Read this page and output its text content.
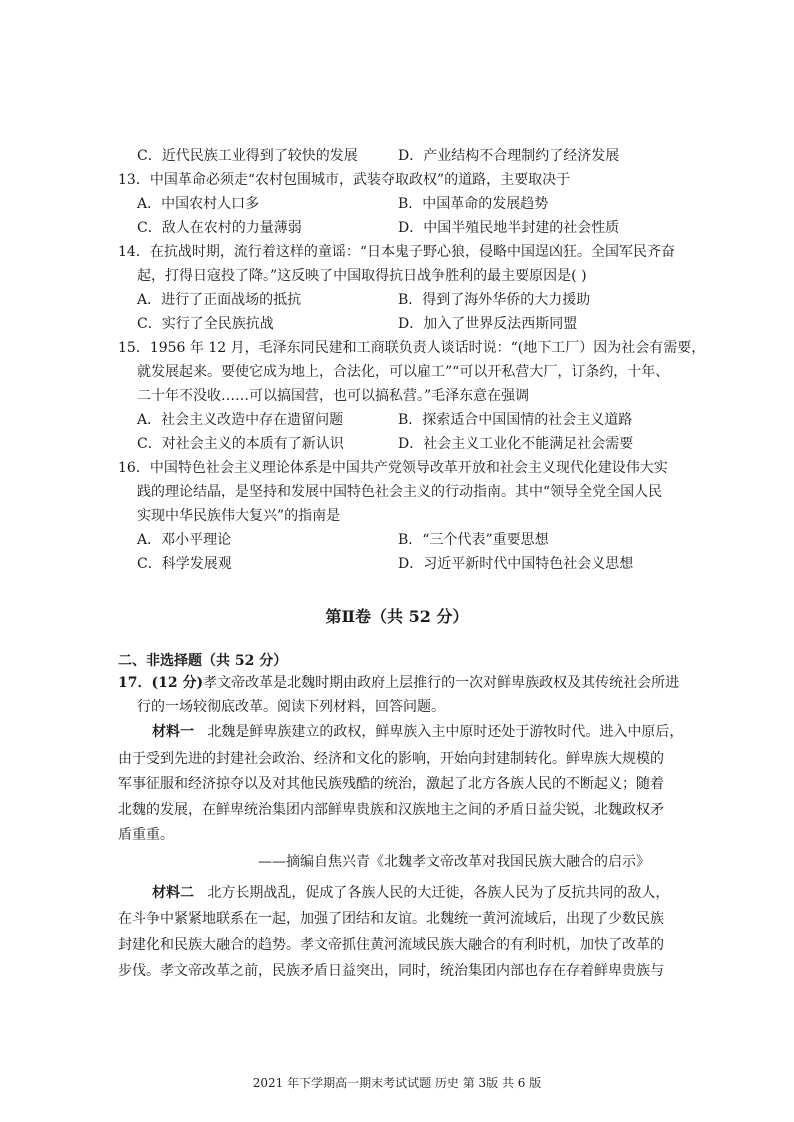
C．近代民族工业得到了较快的发展	D．产业结构不合理制约了经济发展
13．中国革命必须走“农村包围城市，武装夺取政权”的道路，主要取决于
A．中国农村人口多	B．中国革命的发展趋势
C．敌人在农村的力量薄弱	D．中国半殖民地半封建的社会性质
14．在抗战时期，流行着这样的童谣：“日本鬼子野心狼，侵略中国逞凶狂。全国军民齐奋
起，打得日寇投了降。”这反映了中国取得抗日战争胜利的最主要原因是( )
A．进行了正面战场的抵抗	B．得到了海外华侨的大力援助
C．实行了全民族抗战	D．加入了世界反法西斯同盟
15．1956 年 12 月，毛泽东同民建和工商联负责人谈话时说：“(地下工厂）因为社会有需要，
就发展起来。要使它成为地上，合法化，可以雇工”“可以开私营大厂，订条约，十年、
二十年不没收……可以搞国营，也可以搞私营。”毛泽东意在强调
A．社会主义改造中存在遗留问题	B．探索适合中国国情的社会主义道路
C．对社会主义的本质有了新认识	D．社会主义工业化不能满足社会需要
16．中国特色社会主义理论体系是中国共产党领导改革开放和社会主义现代化建设伟大实
践的理论结晶，是坚持和发展中国特色社会主义的行动指南。其中“领导全党全国人民
实现中华民族伟大复兴”的指南是
A．邓小平理论	B．“三个代表”重要思想
C．科学发展观	D．习近平新时代中国特色社会义思想
第Ⅱ卷（共 52 分）
二、非选择题（共 52 分）
17．(12 分)孝文帝改革是北魏时期由政府上层推行的一次对鲜卑族政权及其传统社会所进
行的一场较彻底改革。阅读下列材料，回答问题。
材料一 北魏是鲜卑族建立的政权，鲜卑族入主中原时还处于游牧时代。进入中原后，
由于受到先进的封建社会政治、经济和文化的影响，开始向封建制转化。鲜卑族大规模的
军事征服和经济掠夺以及对其他民族残酷的统治，激起了北方各族人民的不断起义；随着
北魏的发展，在鲜卑统治集团内部鲜卑贵族和汉族地主之间的矛盾日益尖锐，北魏政权矛
盾重重。
——摘编自焦兴青《北魏孝文帝改革对我国民族大融合的启示》
材料二 北方长期战乱，促成了各族人民的大迁徙，各族人民为了反抗共同的敌人，
在斗争中紧紧地联系在一起，加强了团结和友谊。北魏统一黄河流域后，出现了少数民族
封建化和民族大融合的趋势。孝文帝抓住黄河流域民族大融合的有利时机，加快了改革的
步伐。孝文帝改革之前，民族矛盾日益突出，同时，统治集团内部也存在存着鲜卑贵族与
2021 年下学期高一期末考试试题 历史 第 3版 共 6 版
